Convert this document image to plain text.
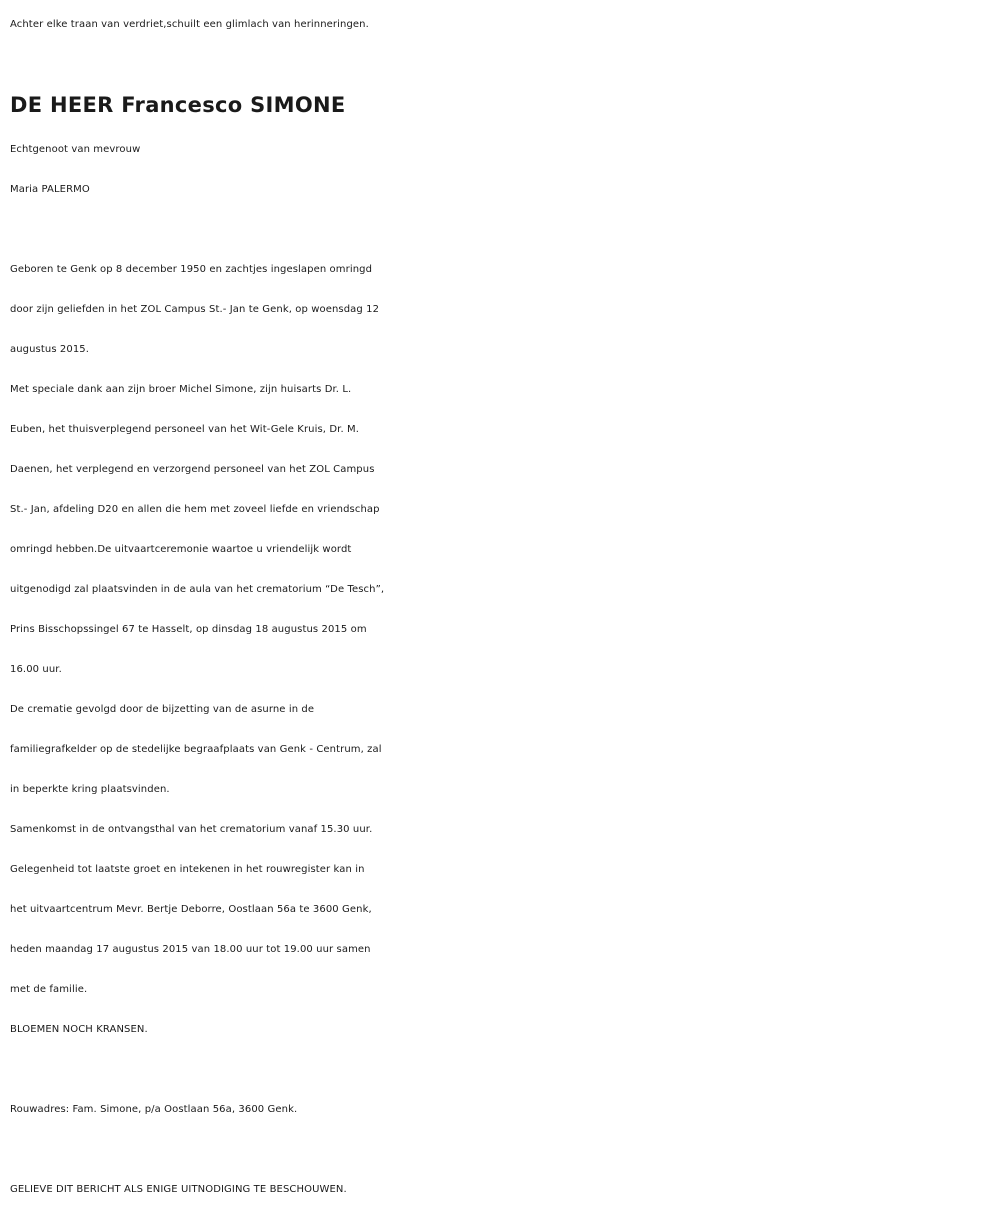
Achter elke traan van verdriet,schuilt een glimlach van herinneringen.
DE HEER Francesco SIMONE
Echtgenoot van mevrouw
Maria PALERMO
Geboren te Genk op 8 december 1950 en zachtjes ingeslapen omringd
door zijn geliefden in het ZOL Campus St.- Jan te Genk, op woensdag 12
augustus 2015.
Met speciale dank aan zijn broer Michel Simone, zijn huisarts Dr. L.
Euben, het thuisverplegend personeel van het Wit-Gele Kruis, Dr. M.
Daenen, het verplegend en verzorgend personeel van het ZOL Campus
St.- Jan, afdeling D20 en allen die hem met zoveel liefde en vriendschap
omringd hebben.De uitvaartceremonie waartoe u vriendelijk wordt
uitgenodigd zal plaatsvinden in de aula van het crematorium “De Tesch”,
Prins Bisschopssingel 67 te Hasselt, op dinsdag 18 augustus 2015 om
16.00 uur.
De crematie gevolgd door de bijzetting van de asurne in de
familiegrafkelder op de stedelijke begraafplaats van Genk - Centrum, zal
in beperkte kring plaatsvinden.
Samenkomst in de ontvangsthal van het crematorium vanaf 15.30 uur.
Gelegenheid tot laatste groet en intekenen in het rouwregister kan in
het uitvaartcentrum Mevr. Bertje Deborre, Oostlaan 56a te 3600 Genk,
heden maandag 17 augustus 2015 van 18.00 uur tot 19.00 uur samen
met de familie.
BLOEMEN NOCH KRANSEN.
Rouwadres: Fam. Simone, p/a Oostlaan 56a, 3600 Genk.
GELIEVE DIT BERICHT ALS ENIGE UITNODIGING TE BESCHOUWEN.
